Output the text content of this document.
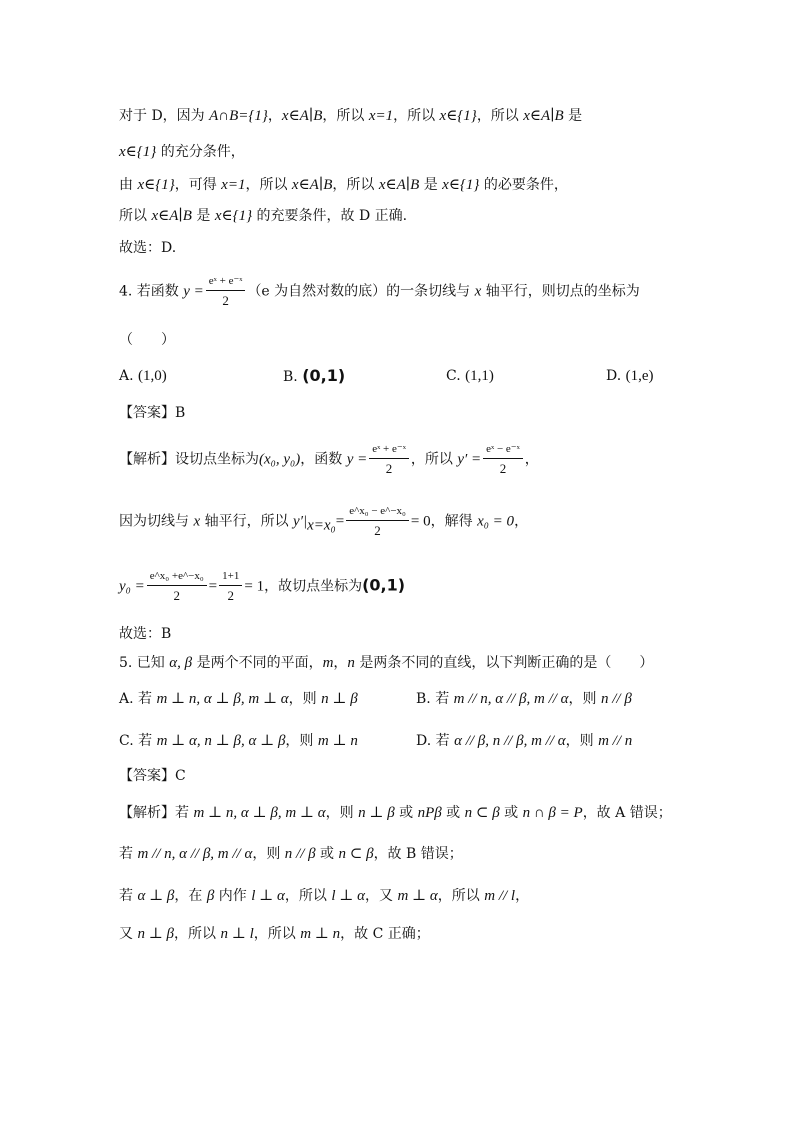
对于 D，因为 A∩B={1}，x∈A∣B，所以 x=1，所以 x∈{1}，所以 x∈A∣B 是
x∈{1} 的充分条件，
由 x∈{1}，可得 x=1，所以 x∈A∣B，所以 x∈A∣B 是 x∈{1} 的必要条件，
所以 x∈A∣B 是 x∈{1} 的充要条件，故 D 正确.
故选：D.
4. 若函数 $y = \frac{\text{eˣ + e⁻ˣ}}{2} (e$ 为自然对数的底）的一条切线与 x 轴平行，则切点的坐标为
（　　）
A. (1,0)	B. (0,1)	C. (1,1)	D. (1,e)
【答案】B
【解析】设切点坐标为(x₀, y₀)，函数 $y = \frac{\text{eˣ + e⁻ˣ}}{2}$ ，所以 $y' = \frac{\text{eˣ − e⁻ˣ}}{2}$ ，
因为切线与 x 轴平行，所以 $y'|_{x=x_0}= \frac{\text{e\textasciicircum{}x₀ − e\textasciicircum{}−x₀}}{2} = 0$，解得 x₀ = 0，
$y_0 = \frac{\text{e\textasciicircum{}x₀ +e\textasciicircum{}−x₀}}{2} = \frac{1+1}{2} = 1$，故切点坐标为(0,1)
故选：B
5. 已知 α, β 是两个不同的平面，m，n 是两条不同的直线，以下判断正确的是（　　）
A. 若 m ⊥ n, α ⊥ β, m ⊥ α，则 n ⊥ β	B. 若 m // n, α // β, m // α，则 n // β
C. 若 m ⊥ α, n ⊥ β, α ⊥ β，则 m ⊥ n	D. 若 α // β, n // β, m // α，则 m // n
【答案】C
【解析】若 m ⊥ n, α ⊥ β, m ⊥ α，则 n ⊥ β 或 nPβ 或 n ⊂ β 或 n ∩ β = P，故 A 错误；
若 m // n, α // β, m // α，则 n // β 或 n ⊂ β，故 B 错误；
若 α ⊥ β，在 β 内作 l ⊥ α，所以 l ⊥ α，又 m ⊥ α，所以 m // l，
又 n ⊥ β，所以 n ⊥ l，所以 m ⊥ n，故 C 正确；
